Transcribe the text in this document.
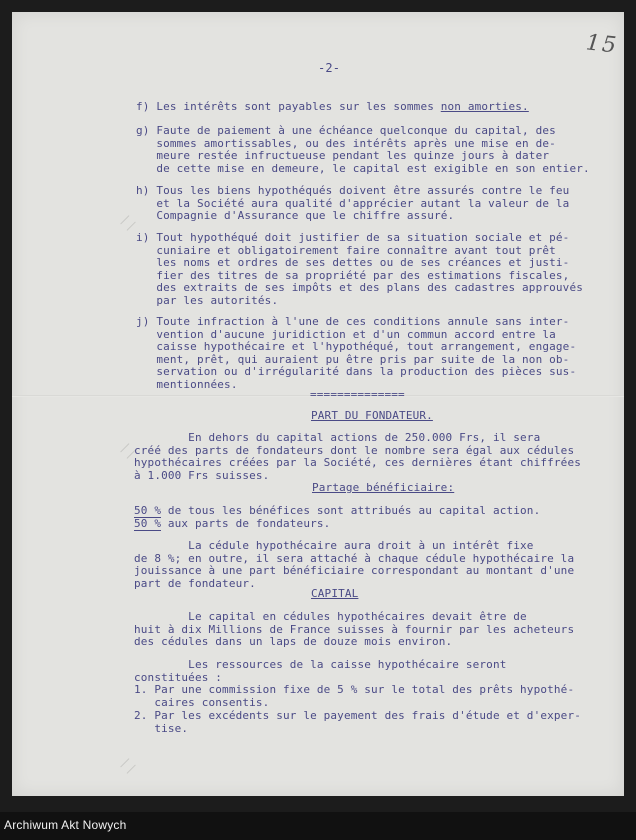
15
-2-
f) Les intérêts sont payables sur les sommes non amorties.
g) Faute de paiement à une échéance quelconque du capital, des
sommes amortissables, ou des intérêts après une mise en de-
meure restée infructueuse pendant les quinze jours à dater
de cette mise en demeure, le capital est exigible en son entier.
h) Tous les biens hypothéqués doivent être assurés contre le feu
et la Société aura qualité d'apprécier autant la valeur de la
Compagnie d'Assurance que le chiffre assuré.
i) Tout hypothéqué doit justifier de sa situation sociale et pé-
cuniaire et obligatoirement faire connaître avant tout prêt
les noms et ordres de ses dettes ou de ses créances et justi-
fier des titres de sa propriété par des estimations fiscales,
des extraits de ses impôts et des plans des cadastres approuvés
par les autorités.
j) Toute infraction à l'une de ces conditions annule sans inter-
vention d'aucune juridiction et d'un commun accord entre la
caisse hypothécaire et l'hypothéqué, tout arrangement, engage-
ment, prêt, qui auraient pu être pris par suite de la non ob-
servation ou d'irrégularité dans la production des pièces sus-
mentionnées.
==============
PART DU FONDATEUR.
En dehors du capital actions de 250.000 Frs, il sera
créé des parts de fondateurs dont le nombre sera égal aux cédules
hypothécaires créées par la Société, ces dernières étant chiffrées
à 1.000 Frs suisses.
Partage bénéficiaire:
50 % de tous les bénéfices sont attribués au capital action.
50 % aux parts de fondateurs.
La cédule hypothécaire aura droit à un intérêt fixe
de 8 %; en outre, il sera attaché à chaque cédule hypothécaire la
jouissance à une part bénéficiaire correspondant au montant d'une
part de fondateur.
CAPITAL
Le capital en cédules hypothécaires devait être de
huit à dix Millions de France suisses à fournir par les acheteurs
des cédules dans un laps de douze mois environ.
Les ressources de la caisse hypothécaire seront
constituées :
1. Par une commission fixe de 5 % sur le total des prêts hypothé-
caires consentis.
2. Par les excédents sur le payement des frais d'étude et d'exper-
tise.
Archiwum Akt Nowych
